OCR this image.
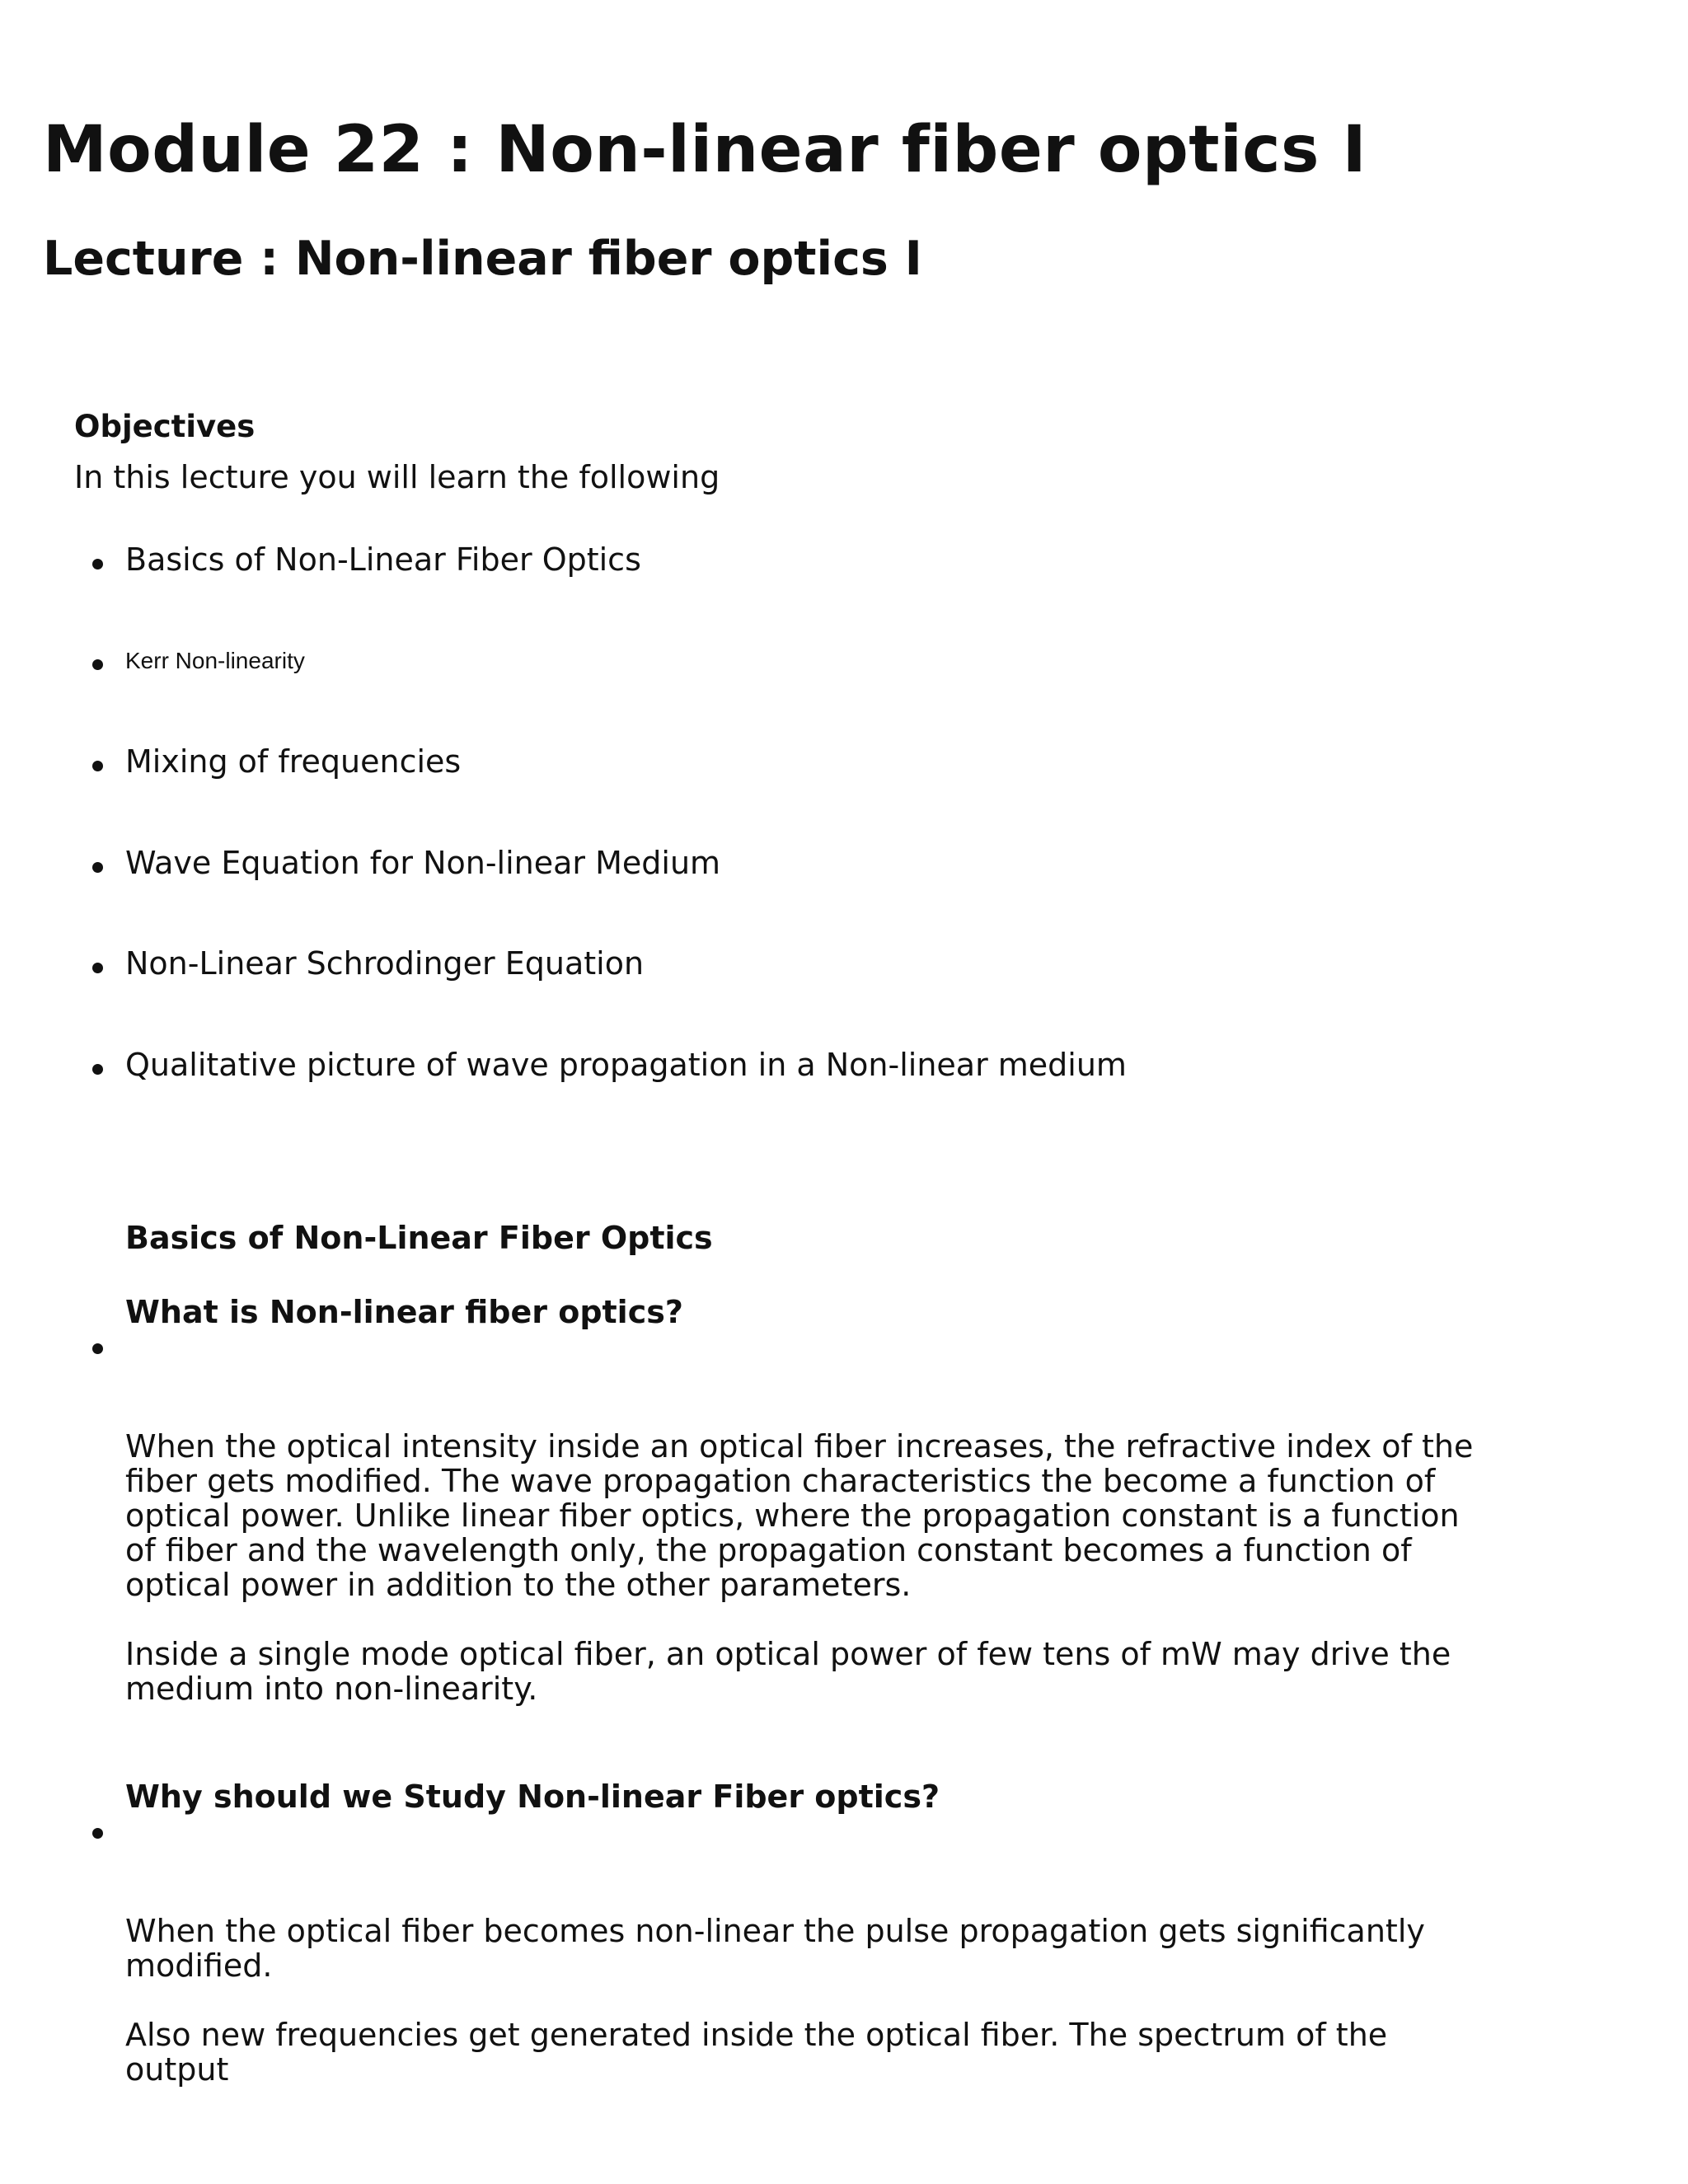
Module 22 : Non-linear fiber optics I
Lecture : Non-linear fiber optics I
Objectives
In this lecture you will learn the following
Basics of Non-Linear Fiber Optics
Kerr Non-linearity
Mixing of frequencies
Wave Equation for Non-linear Medium
Non-Linear Schrodinger Equation
Qualitative picture of wave propagation in a Non-linear medium
Basics of Non-Linear Fiber Optics
What is Non-linear fiber optics?

When the optical intensity inside an optical fiber increases, the refractive index of the fiber gets modified. The wave propagation characteristics the become a function of optical power. Unlike linear fiber optics, where the propagation constant is a function of fiber and the wavelength only, the propagation constant becomes a function of optical power in addition to the other parameters.

Inside a single mode optical fiber, an optical power of few tens of mW may drive the medium into non-linearity.

Why should we Study Non-linear Fiber optics?

When the optical fiber becomes non-linear the pulse propagation gets significantly modified.

Also new frequencies get generated inside the optical fiber. The spectrum of the output
